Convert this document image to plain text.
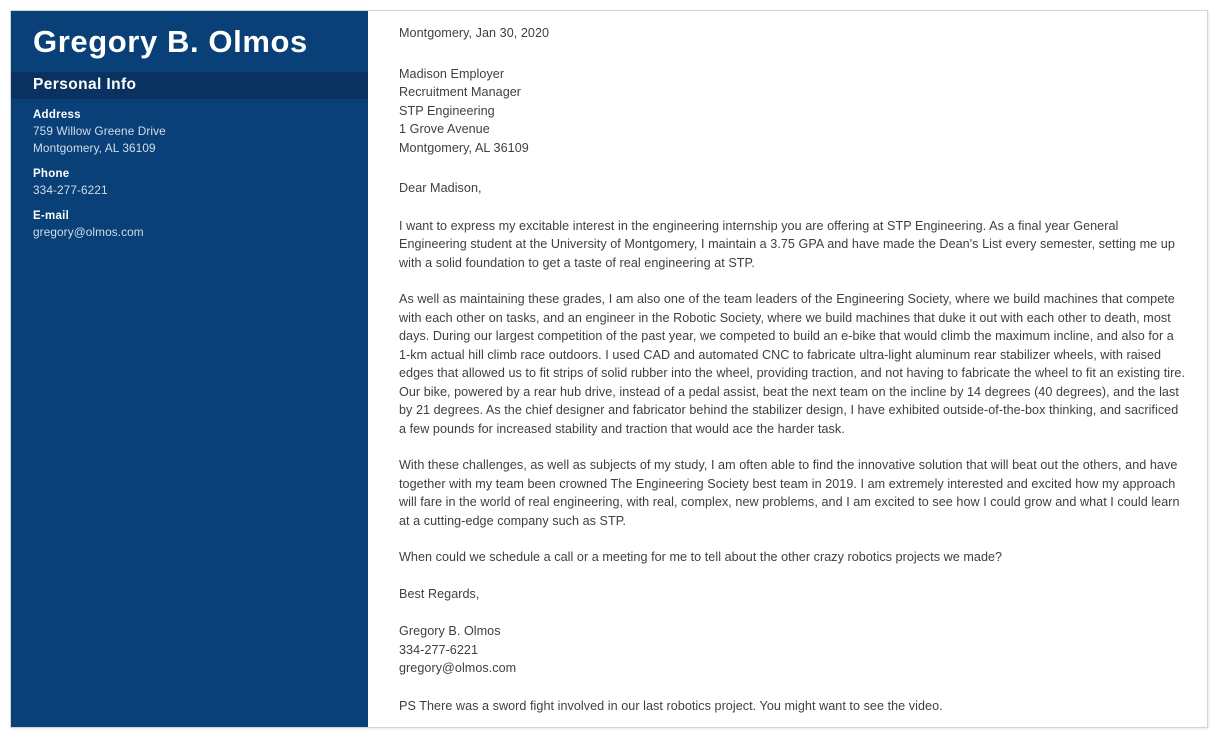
Gregory B. Olmos
Personal Info
Address
759 Willow Greene Drive
Montgomery, AL 36109
Phone
334-277-6221
E-mail
gregory@olmos.com
Montgomery, Jan 30, 2020
Madison Employer
Recruitment Manager
STP Engineering
1 Grove Avenue
Montgomery, AL 36109
Dear Madison,

I want to express my excitable interest in the engineering internship you are offering at STP Engineering. As a final year General Engineering student at the University of Montgomery, I maintain a 3.75 GPA and have made the Dean's List every semester, setting me up with a solid foundation to get a taste of real engineering at STP.

As well as maintaining these grades, I am also one of the team leaders of the Engineering Society, where we build machines that compete with each other on tasks, and an engineer in the Robotic Society, where we build machines that duke it out with each other to death, most days. During our largest competition of the past year, we competed to build an e-bike that would climb the maximum incline, and also for a 1-km actual hill climb race outdoors. I used CAD and automated CNC to fabricate ultra-light aluminum rear stabilizer wheels, with raised edges that allowed us to fit strips of solid rubber into the wheel, providing traction, and not having to fabricate the wheel to fit an existing tire. Our bike, powered by a rear hub drive, instead of a pedal assist, beat the next team on the incline by 14 degrees (40 degrees), and the last by 21 degrees. As the chief designer and fabricator behind the stabilizer design, I have exhibited outside-of-the-box thinking, and sacrificed a few pounds for increased stability and traction that would ace the harder task.

With these challenges, as well as subjects of my study, I am often able to find the innovative solution that will beat out the others, and have together with my team been crowned The Engineering Society best team in 2019. I am extremely interested and excited how my approach will fare in the world of real engineering, with real, complex, new problems, and I am excited to see how I could grow and what I could learn at a cutting-edge company such as STP.

When could we schedule a call or a meeting for me to tell about the other crazy robotics projects we made?

Best Regards,
Gregory B. Olmos
334-277-6221
gregory@olmos.com
PS There was a sword fight involved in our last robotics project. You might want to see the video.
